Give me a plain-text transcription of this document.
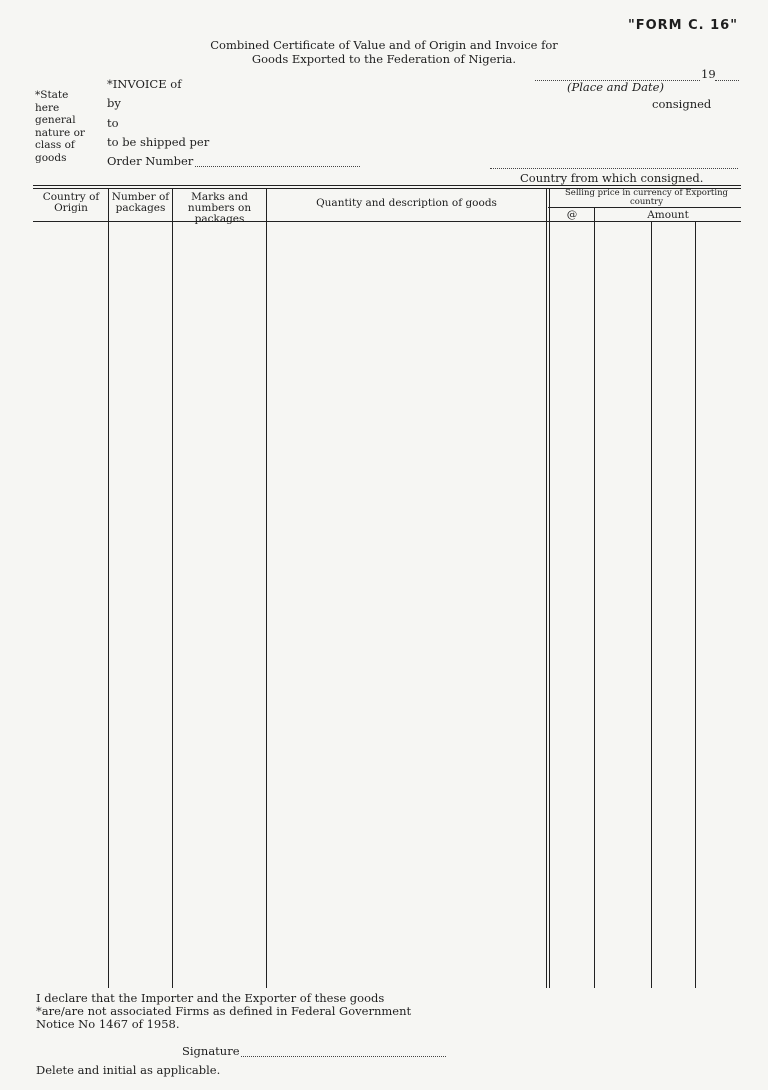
"FORM C. 16"
Combined Certificate of Value and of Origin and Invoice for
Goods Exported to the Federation of Nigeria.
19
(Place and Date)
consigned
*State
here
general
nature or
class of
goods
*INVOICE of
by
to
to be shipped per
Order Number
Country from which consigned.
Country of Origin
Number of packages
Marks and numbers on packages
Quantity and description of goods
Selling price in currency of Exporting country
@	Amount
I declare that the Importer and the Exporter of these goods
*are/are not associated Firms as defined in Federal Government
Notice No 1467 of 1958.
Signature
Delete and initial as applicable.
